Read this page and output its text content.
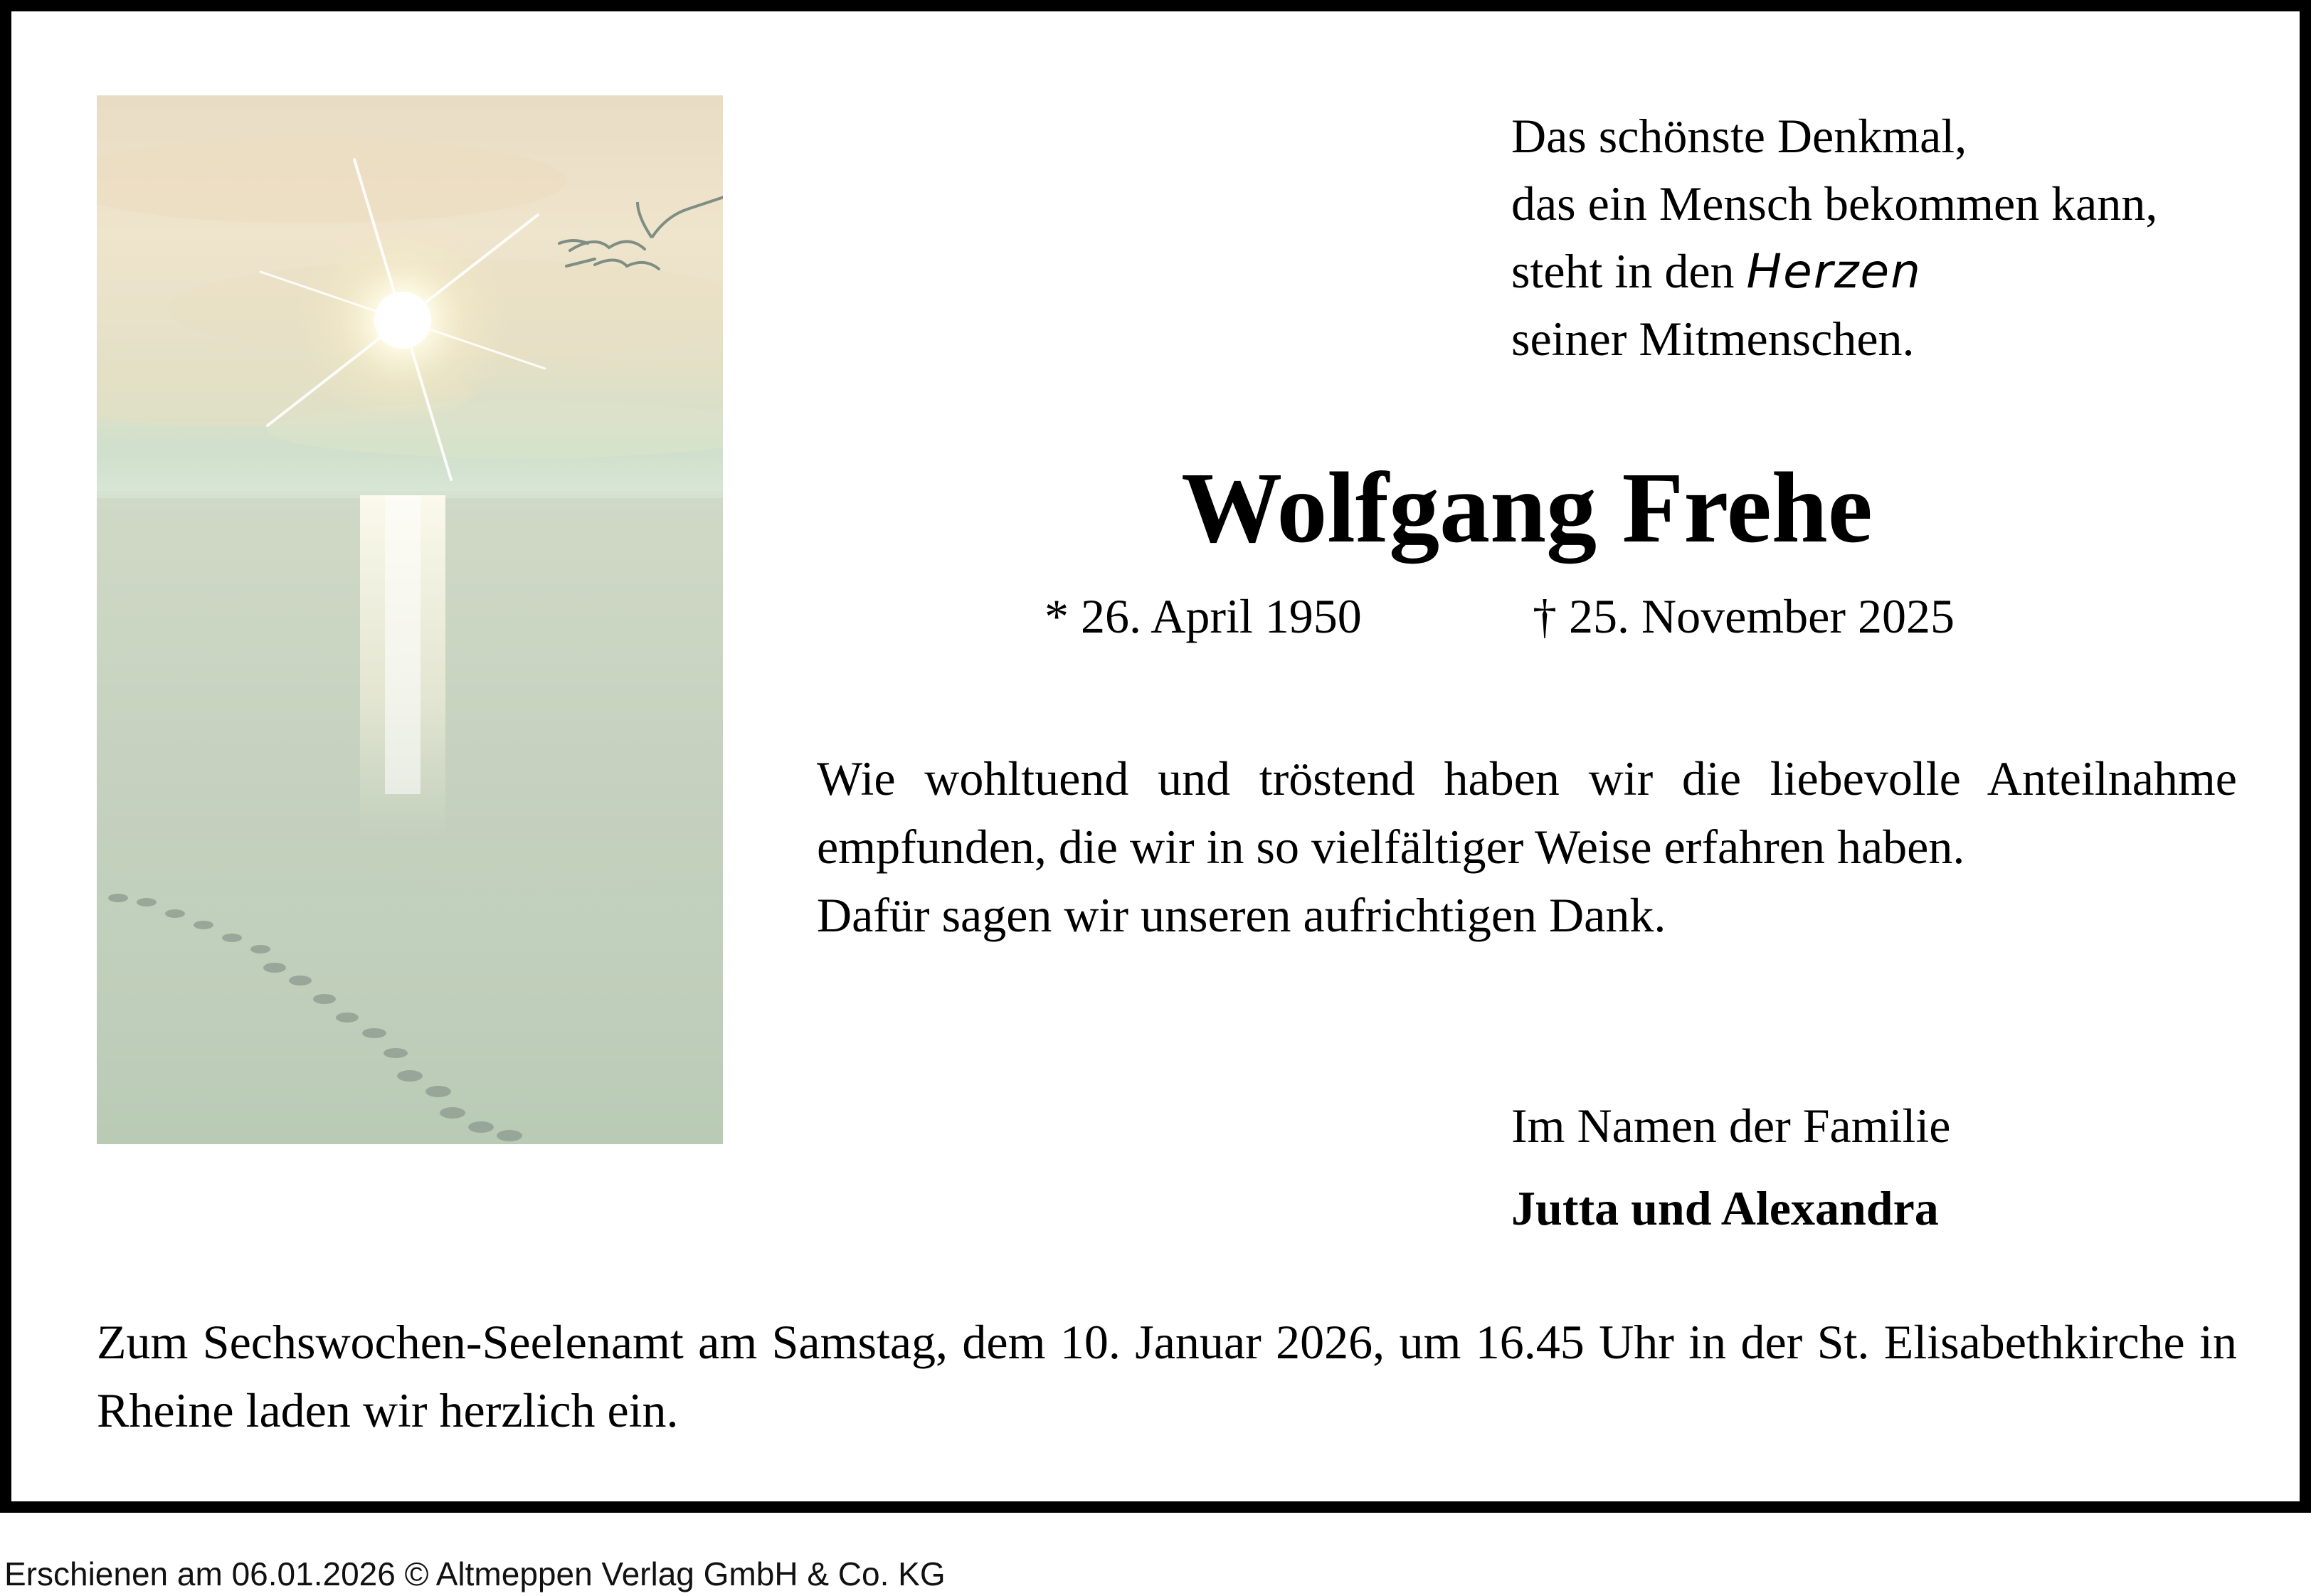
Das schönste Denkmal,
das ein Mensch bekommen kann,
steht in den Herzen
seiner Mitmenschen.
Wolfgang Frehe
* 26. April 1950	† 25. November 2025

Wie wohltuend und tröstend haben wir die liebevolle Anteilnahme empfunden, die wir in so vielfältiger Weise erfahren haben.

Dafür sagen wir unseren aufrichtigen Dank.

Im Namen der Familie
Jutta und Alexandra

Zum Sechswochen-Seelenamt am Samstag, dem 10. Januar 2026, um 16.45 Uhr in der St. Elisabethkirche in Rheine laden wir herzlich ein.

Erschienen am 06.01.2026 © Altmeppen Verlag GmbH & Co. KG
